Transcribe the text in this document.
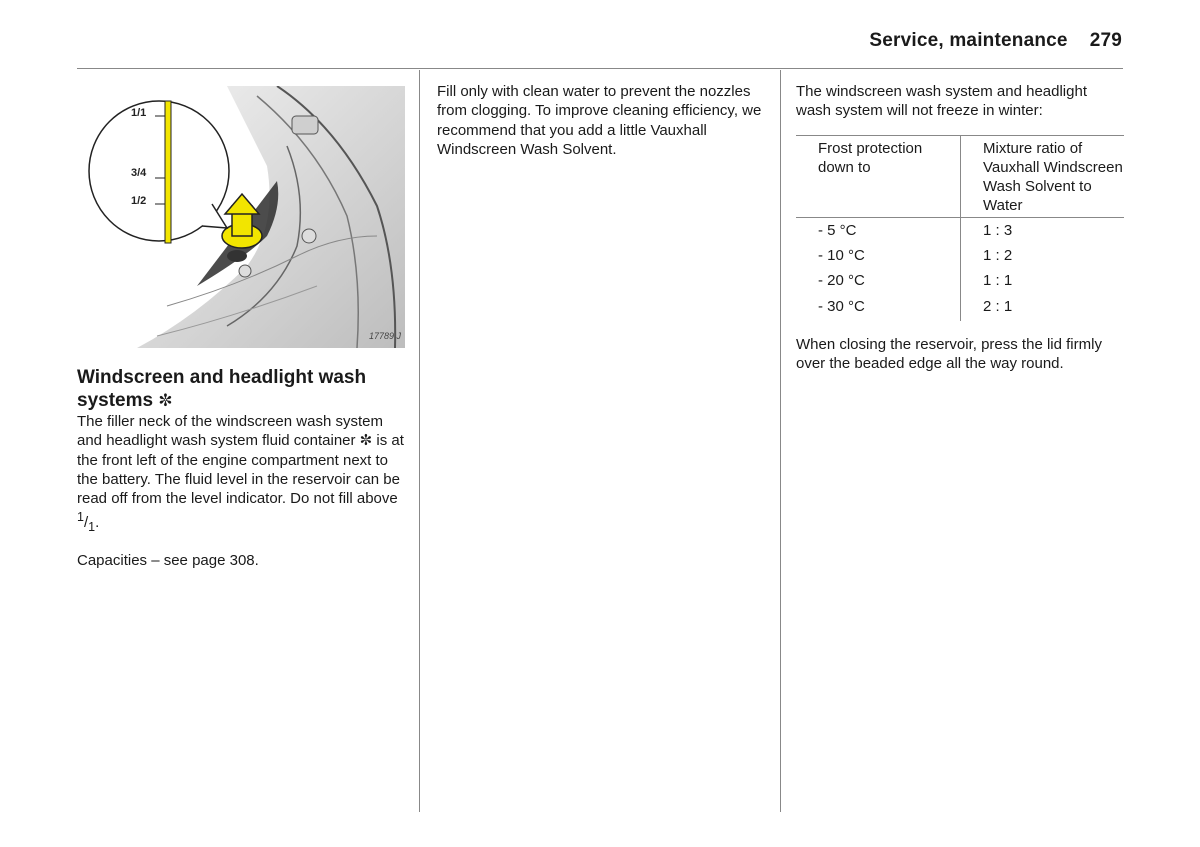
Service, maintenance 279
1/1
3/4
1/2
17789 J
Windscreen and headlight wash systems ✼

The filler neck of the windscreen wash system and headlight wash system fluid container ✼ is at the front left of the engine compartment next to the battery. The fluid level in the reservoir can be read off from the level indicator. Do not fill above $^1/_1$.

Capacities – see page 308.

Fill only with clean water to prevent the nozzles from clogging. To improve cleaning efficiency, we recommend that you add a little Vauxhall Windscreen Wash Solvent.

The windscreen wash system and headlight wash system will not freeze in winter:

Frost protection down to	Mixture ratio of Vauxhall Windscreen Wash Solvent to Water
- 5 °C	1 : 3
- 10 °C	1 : 2
- 20 °C	1 : 1
- 30 °C	2 : 1

When closing the reservoir, press the lid firmly over the beaded edge all the way round.
